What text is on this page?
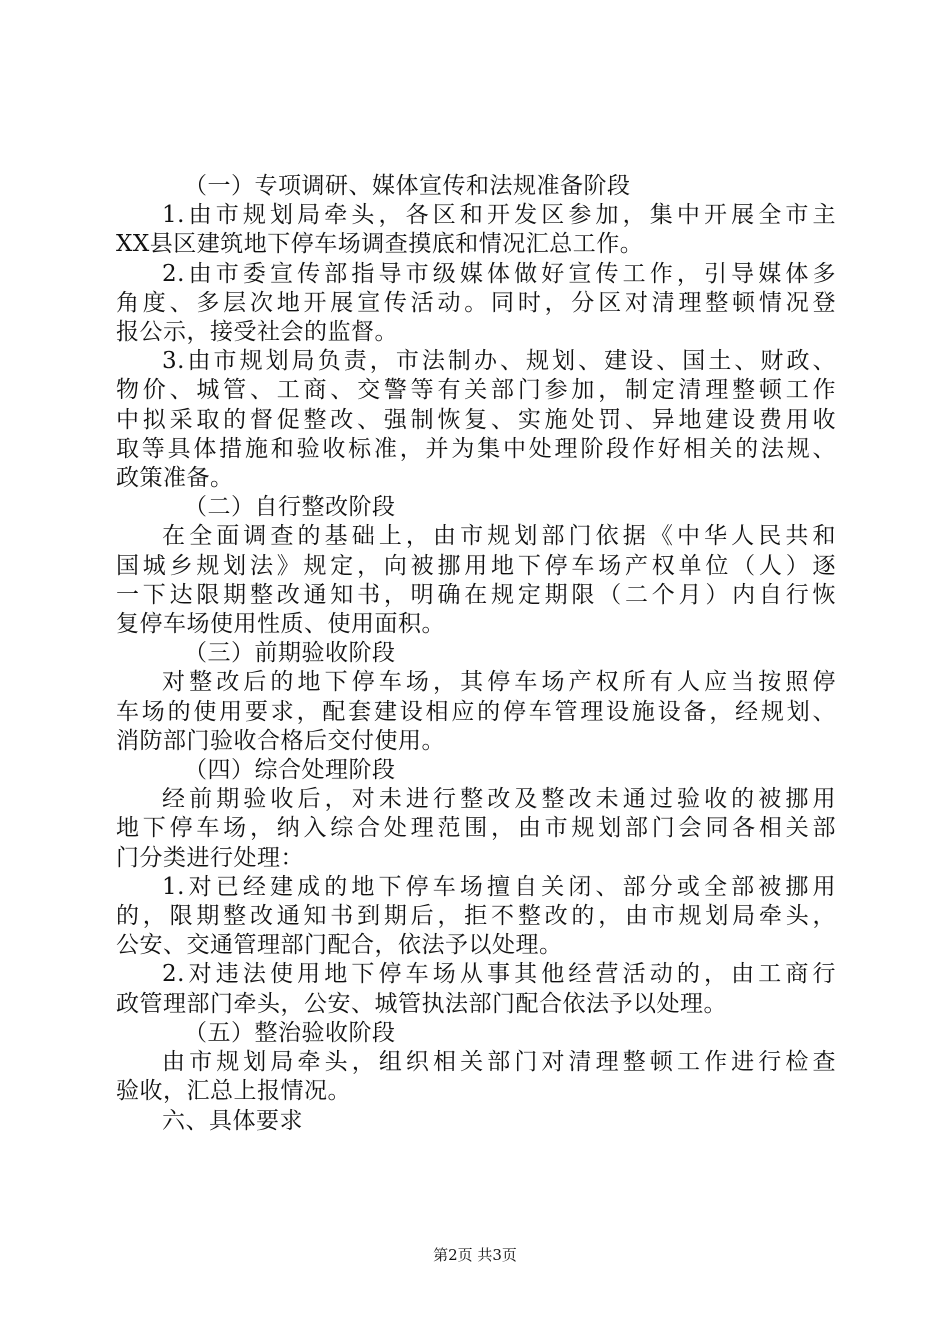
（一）专项调研、媒体宣传和法规准备阶段
1.由市规划局牵头，各区和开发区参加，集中开展全市主
XX县区建筑地下停车场调查摸底和情况汇总工作。
2.由市委宣传部指导市级媒体做好宣传工作，引导媒体多
角度、多层次地开展宣传活动。同时，分区对清理整顿情况登
报公示，接受社会的监督。
3.由市规划局负责，市法制办、规划、建设、国土、财政、
物价、城管、工商、交警等有关部门参加，制定清理整顿工作
中拟采取的督促整改、强制恢复、实施处罚、异地建设费用收
取等具体措施和验收标准，并为集中处理阶段作好相关的法规、
政策准备。
（二）自行整改阶段
在全面调查的基础上，由市规划部门依据《中华人民共和
国城乡规划法》规定，向被挪用地下停车场产权单位（人）逐
一下达限期整改通知书，明确在规定期限（二个月）内自行恢
复停车场使用性质、使用面积。
（三）前期验收阶段
对整改后的地下停车场，其停车场产权所有人应当按照停
车场的使用要求，配套建设相应的停车管理设施设备，经规划、
消防部门验收合格后交付使用。
（四）综合处理阶段
经前期验收后，对未进行整改及整改未通过验收的被挪用
地下停车场，纳入综合处理范围，由市规划部门会同各相关部
门分类进行处理：
1.对已经建成的地下停车场擅自关闭、部分或全部被挪用
的，限期整改通知书到期后，拒不整改的，由市规划局牵头，
公安、交通管理部门配合，依法予以处理。
2.对违法使用地下停车场从事其他经营活动的，由工商行
政管理部门牵头，公安、城管执法部门配合依法予以处理。
（五）整治验收阶段
由市规划局牵头，组织相关部门对清理整顿工作进行检查
验收，汇总上报情况。
六、具体要求
第2页 共3页
